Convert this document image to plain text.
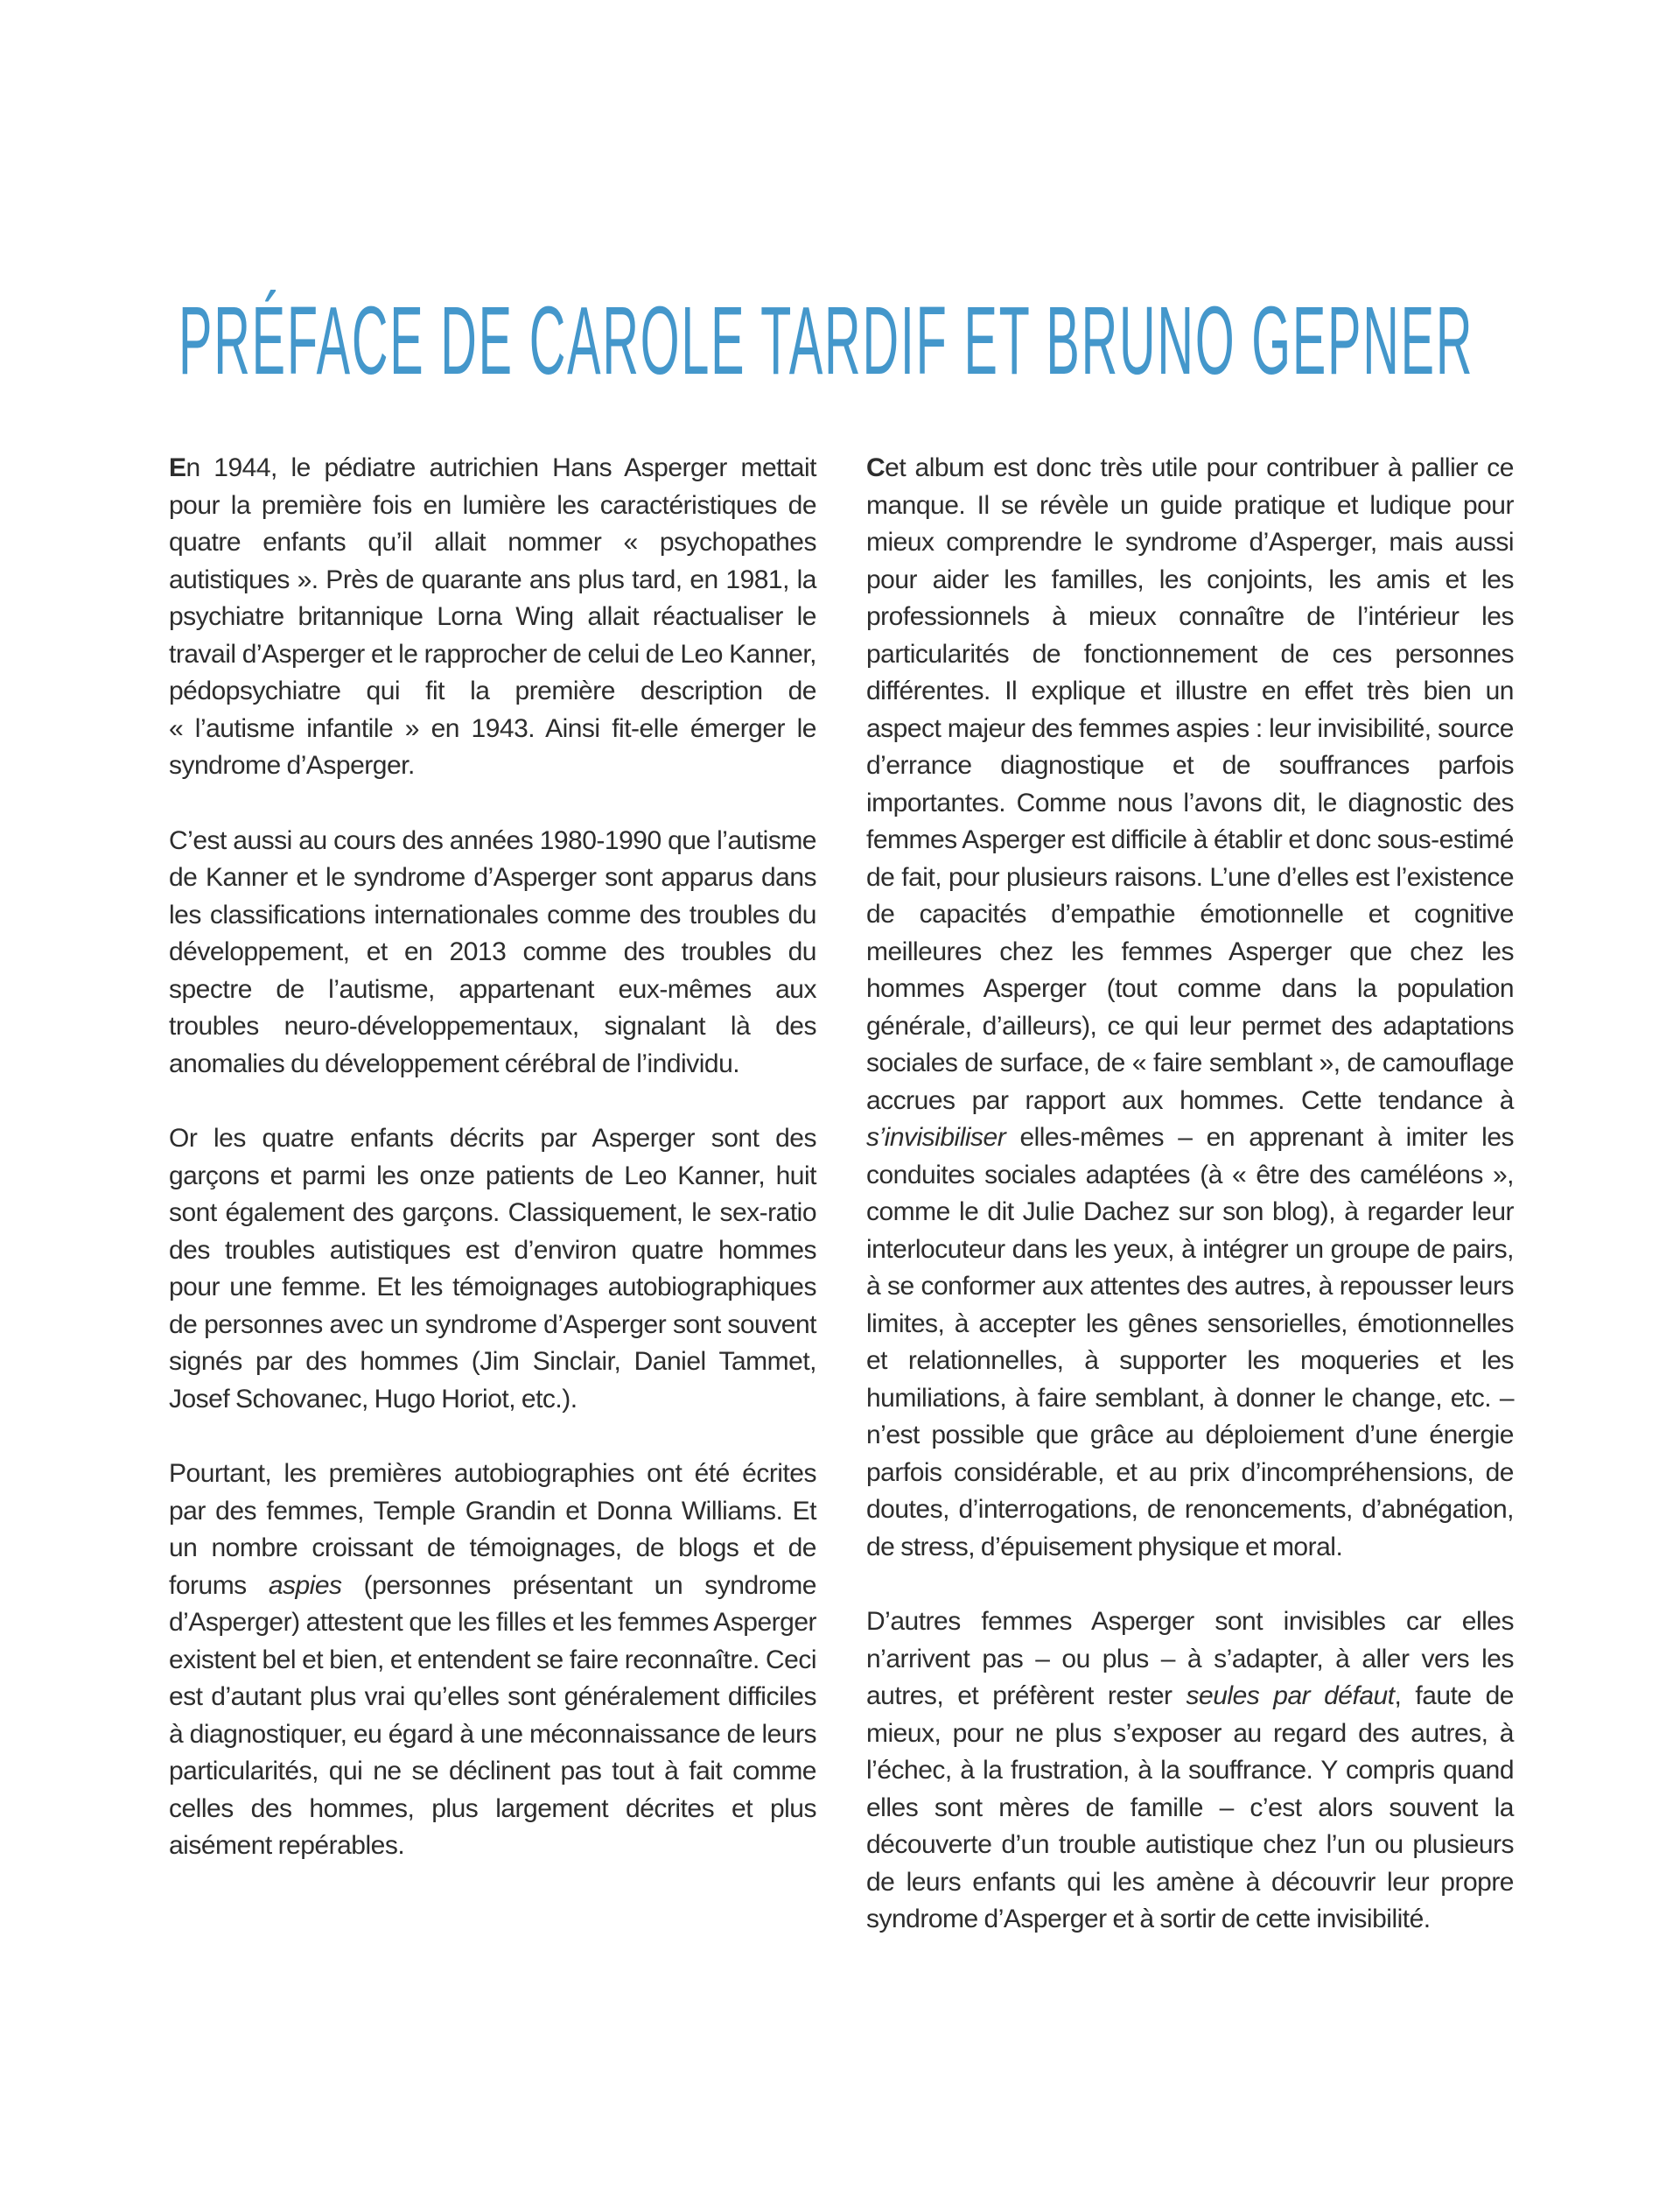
PRÉFACE DE CAROLE TARDIF ET BRUNO GEPNER

En 1944, le pédiatre autrichien Hans Asperger mettait pour la première fois en lumière les caractéristiques de quatre enfants qu’il allait nommer « psychopathes autistiques ». Près de quarante ans plus tard, en 1981, la psychiatre britannique Lorna Wing allait réactualiser le travail d’Asperger et le rapprocher de celui de Leo Kanner, pédopsychiatre qui fit la première description de « l’autisme infantile » en 1943. Ainsi fit-elle émerger le syndrome d’Asperger.

C’est aussi au cours des années 1980-1990 que l’autisme de Kanner et le syndrome d’Asperger sont apparus dans les classifications internationales comme des troubles du développement, et en 2013 comme des troubles du spectre de l’autisme, appartenant eux-mêmes aux troubles neuro-développementaux, signalant là des anomalies du développement cérébral de l’individu.

Or les quatre enfants décrits par Asperger sont des garçons et parmi les onze patients de Leo Kanner, huit sont également des garçons. Classiquement, le sex-ratio des troubles autistiques est d’environ quatre hommes pour une femme. Et les témoignages autobiographiques de personnes avec un syndrome d’Asperger sont souvent signés par des hommes (Jim Sinclair, Daniel Tammet, Josef Schovanec, Hugo Horiot, etc.).

Pourtant, les premières autobiographies ont été écrites par des femmes, Temple Grandin et Donna Williams. Et un nombre croissant de témoignages, de blogs et de forums aspies (personnes présentant un syndrome d’Asperger) attestent que les filles et les femmes Asperger existent bel et bien, et entendent se faire reconnaître. Ceci est d’autant plus vrai qu’elles sont généralement difficiles à diagnostiquer, eu égard à une méconnaissance de leurs particularités, qui ne se déclinent pas tout à fait comme celles des hommes, plus largement décrites et plus aisément repérables.

Cet album est donc très utile pour contribuer à pallier ce manque. Il se révèle un guide pratique et ludique pour mieux comprendre le syndrome d’Asperger, mais aussi pour aider les familles, les conjoints, les amis et les professionnels à mieux connaître de l’intérieur les particularités de fonctionnement de ces personnes différentes. Il explique et illustre en effet très bien un aspect majeur des femmes aspies : leur invisibilité, source d’errance diagnostique et de souffrances parfois importantes. Comme nous l’avons dit, le diagnostic des femmes Asperger est difficile à établir et donc sous-estimé de fait, pour plusieurs raisons. L’une d’elles est l’existence de capacités d’empathie émotionnelle et cognitive meilleures chez les femmes Asperger que chez les hommes Asperger (tout comme dans la population générale, d’ailleurs), ce qui leur permet des adaptations sociales de surface, de « faire semblant », de camouflage accrues par rapport aux hommes. Cette tendance à s’invisibiliser elles-mêmes – en apprenant à imiter les conduites sociales adaptées (à « être des caméléons », comme le dit Julie Dachez sur son blog), à regarder leur interlocuteur dans les yeux, à intégrer un groupe de pairs, à se conformer aux attentes des autres, à repousser leurs limites, à accepter les gênes sensorielles, émotionnelles et relationnelles, à supporter les moqueries et les humiliations, à faire semblant, à donner le change, etc. – n’est possible que grâce au déploiement d’une énergie parfois considérable, et au prix d’incompréhensions, de doutes, d’interrogations, de renoncements, d’abnégation, de stress, d’épuisement physique et moral.

D’autres femmes Asperger sont invisibles car elles n’arrivent pas – ou plus – à s’adapter, à aller vers les autres, et préfèrent rester seules par défaut, faute de mieux, pour ne plus s’exposer au regard des autres, à l’échec, à la frustration, à la souffrance. Y compris quand elles sont mères de famille – c’est alors souvent la découverte d’un trouble autistique chez l’un ou plusieurs de leurs enfants qui les amène à découvrir leur propre syndrome d’Asperger et à sortir de cette invisibilité.
